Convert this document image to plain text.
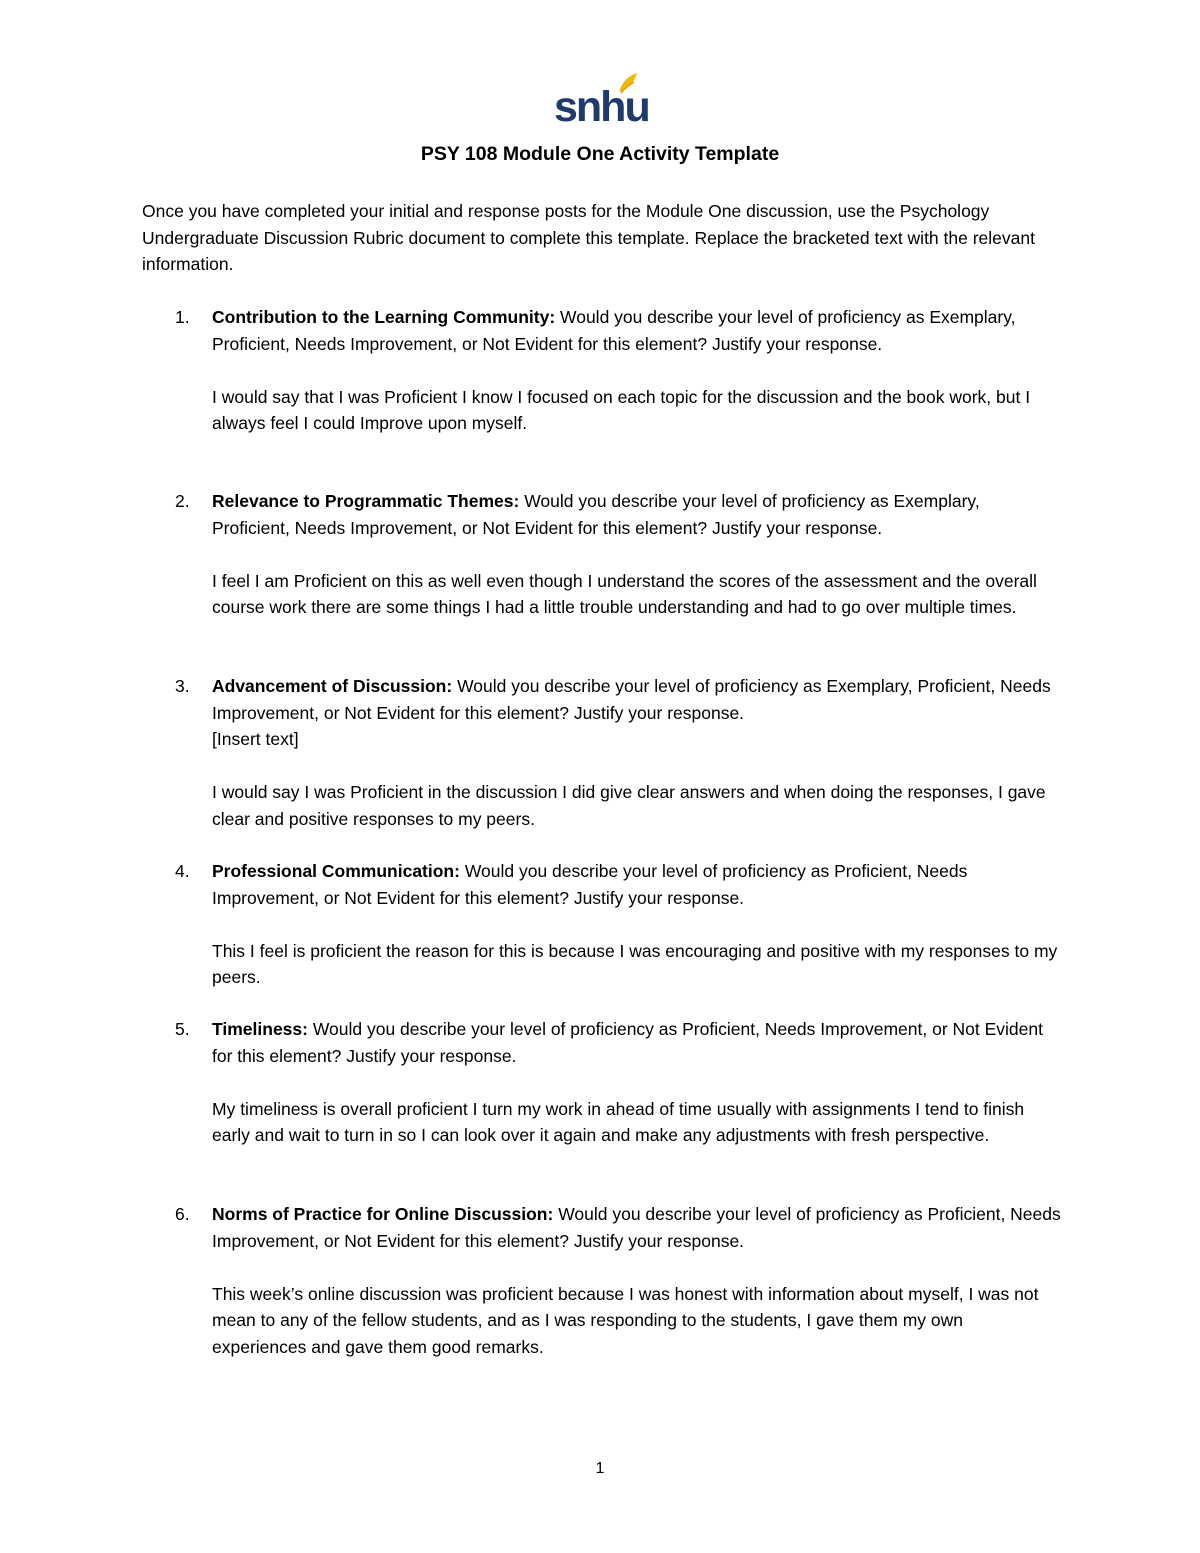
snhu
PSY 108 Module One Activity Template
Once you have completed your initial and response posts for the Module One discussion, use the Psychology Undergraduate Discussion Rubric document to complete this template. Replace the bracketed text with the relevant information.
1.	Contribution to the Learning Community: Would you describe your level of proficiency as Exemplary, Proficient, Needs Improvement, or Not Evident for this element? Justify your response.
I would say that I was Proficient I know I focused on each topic for the discussion and the book work, but I always feel I could Improve upon myself.
2.	Relevance to Programmatic Themes: Would you describe your level of proficiency as Exemplary, Proficient, Needs Improvement, or Not Evident for this element? Justify your response.
I feel I am Proficient on this as well even though I understand the scores of the assessment and the overall course work there are some things I had a little trouble understanding and had to go over multiple times.
3.	Advancement of Discussion: Would you describe your level of proficiency as Exemplary, Proficient, Needs Improvement, or Not Evident for this element? Justify your response.
[Insert text]
I would say I was Proficient in the discussion I did give clear answers and when doing the responses, I gave clear and positive responses to my peers.
4.	Professional Communication: Would you describe your level of proficiency as Proficient, Needs Improvement, or Not Evident for this element? Justify your response.
This I feel is proficient the reason for this is because I was encouraging and positive with my responses to my peers.
5.	Timeliness: Would you describe your level of proficiency as Proficient, Needs Improvement, or Not Evident for this element? Justify your response.
My timeliness is overall proficient I turn my work in ahead of time usually with assignments I tend to finish early and wait to turn in so I can look over it again and make any adjustments with fresh perspective.
6.	Norms of Practice for Online Discussion: Would you describe your level of proficiency as Proficient, Needs Improvement, or Not Evident for this element? Justify your response.
This week’s online discussion was proficient because I was honest with information about myself, I was not mean to any of the fellow students, and as I was responding to the students, I gave them my own experiences and gave them good remarks.
1
